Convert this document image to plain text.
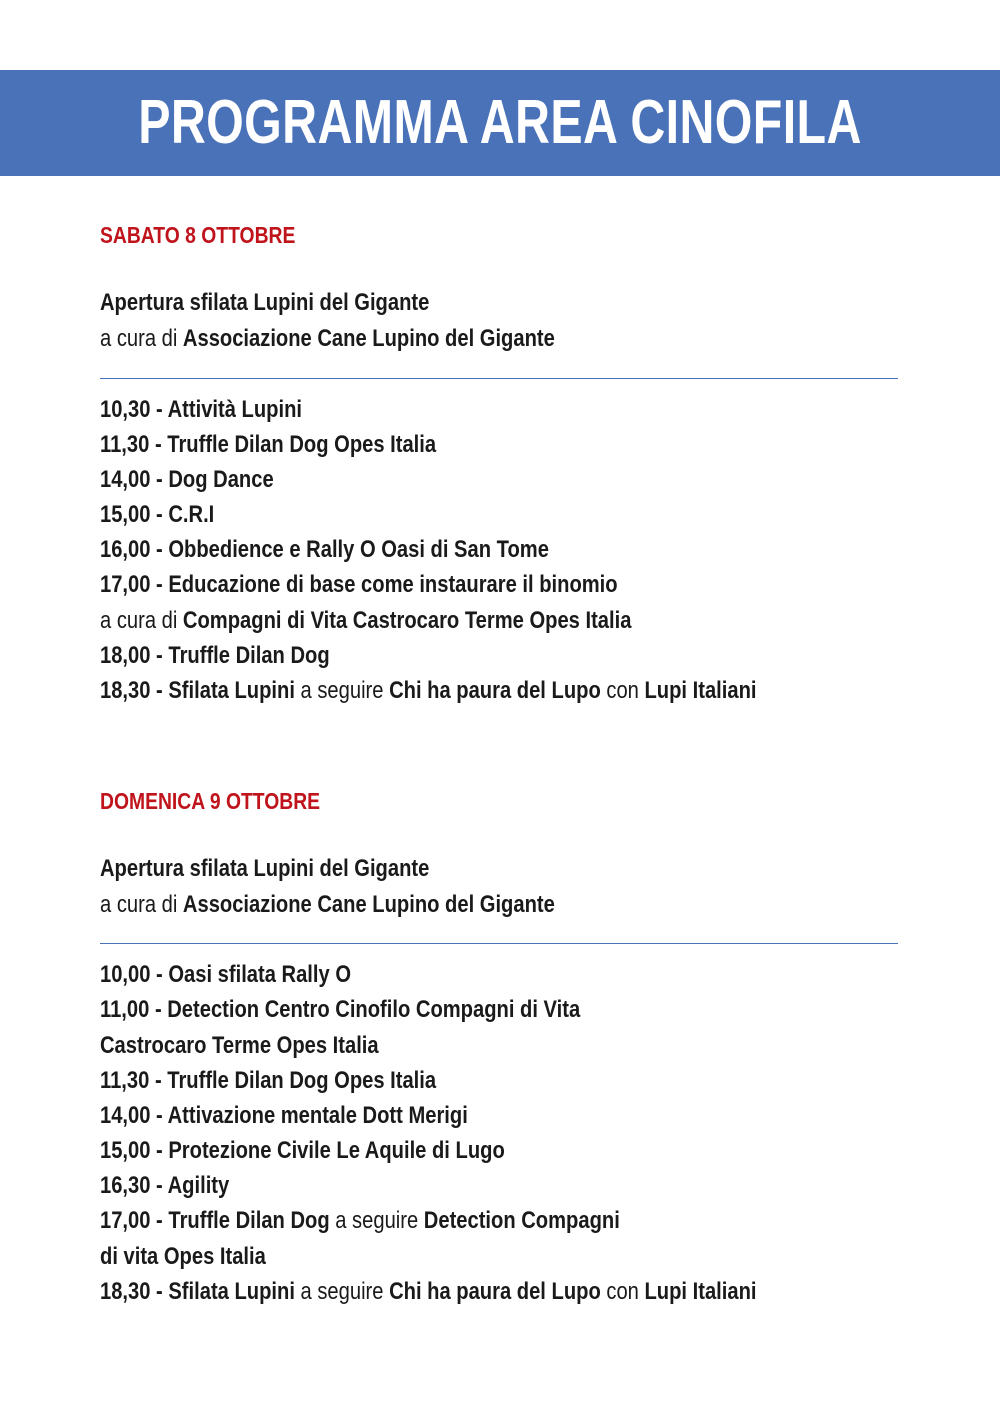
PROGRAMMA AREA CINOFILA
SABATO 8 OTTOBRE
Apertura sfilata Lupini del Gigante
a cura di Associazione Cane Lupino del Gigante
10,30 - Attività Lupini
11,30 - Truffle Dilan Dog Opes Italia
14,00 - Dog Dance
15,00 - C.R.I
16,00 - Obbedience e Rally O Oasi di San Tome
17,00 - Educazione di base come instaurare il binomio
a cura di Compagni di Vita Castrocaro Terme Opes Italia
18,00 - Truffle Dilan Dog
18,30 - Sfilata Lupini a seguire Chi ha paura del Lupo con Lupi Italiani
DOMENICA 9 OTTOBRE
Apertura sfilata Lupini del Gigante
a cura di Associazione Cane Lupino del Gigante
10,00 - Oasi sfilata Rally O
11,00 - Detection Centro Cinofilo Compagni di Vita
Castrocaro Terme Opes Italia
11,30 - Truffle Dilan Dog Opes Italia
14,00 - Attivazione mentale Dott Merigi
15,00 - Protezione Civile Le Aquile di Lugo
16,30 - Agility
17,00 - Truffle Dilan Dog a seguire Detection Compagni
di vita Opes Italia
18,30 - Sfilata Lupini a seguire Chi ha paura del Lupo con Lupi Italiani
